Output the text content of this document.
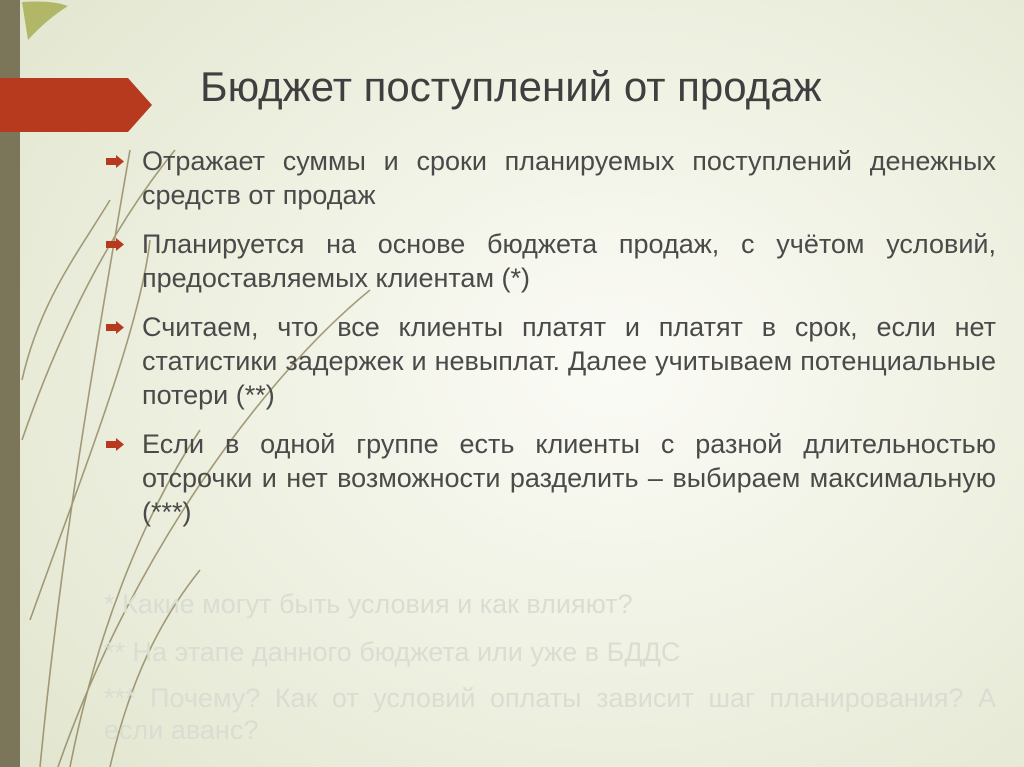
Бюджет поступлений от продаж
Отражает суммы и сроки планируемых поступлений денежных средств от продаж
Планируется на основе бюджета продаж, с учётом условий, предоставляемых клиентам (*)
Считаем, что все клиенты платят и платят в срок, если нет статистики задержек и невыплат. Далее учитываем потенциальные потери (**)
Если в одной группе есть клиенты с разной длительностью отсрочки и нет возможности разделить – выбираем максимальную (***)

* Какие могут быть условия и как влияют?

** На этапе данного бюджета или уже в БДДС

*** Почему? Как от условий оплаты зависит шаг планирования? А если аванс?
